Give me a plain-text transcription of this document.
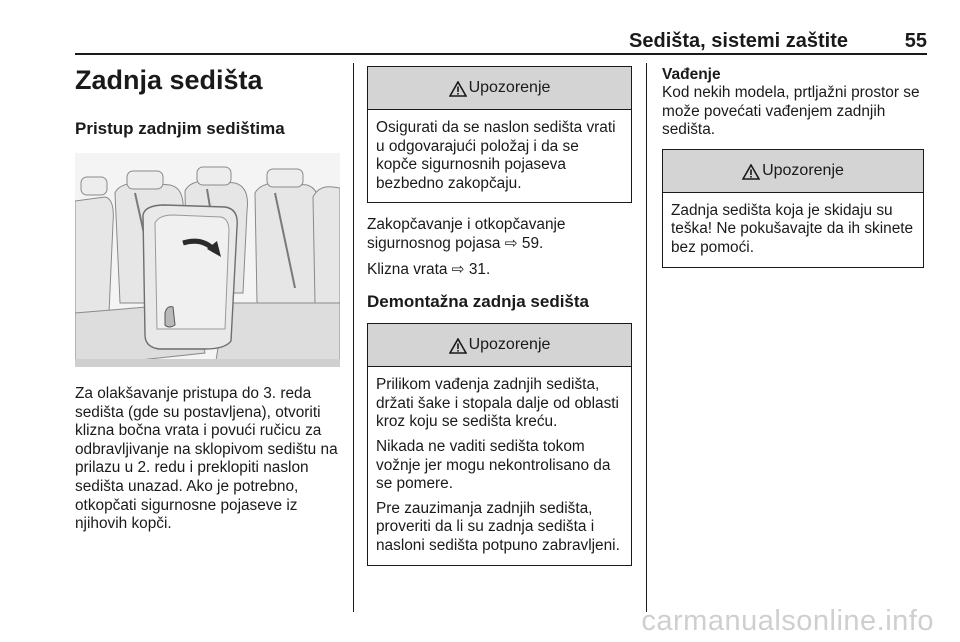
Sedišta, sistemi zaštite	55
Zadnja sedišta
Pristup zadnjim sedištima

Za olakšavanje pristupa do 3. reda sedišta (gde su postavljena), otvoriti klizna bočna vrata i povući ručicu za odbravljivanje na sklopivom sedištu na prilazu u 2. redu i preklopiti naslon sedišta unazad. Ako je potrebno, otkopčati sigurnosne pojaseve iz njihovih kopči.

Upozorenje

Osigurati da se naslon sedišta vrati u odgovarajući položaj i da se kopče sigurnosnih pojaseva bezbedno zakopčaju.

Zakopčavanje i otkopčavanje sigurnosnog pojasa ⇨ 59.

Klizna vrata ⇨ 31.

Demontažna zadnja sedišta
Upozorenje

Prilikom vađenja zadnjih sedišta, držati šake i stopala dalje od oblasti kroz koju se sedišta kreću.

Nikada ne vaditi sedišta tokom vožnje jer mogu nekontrolisano da se pomere.

Pre zauzimanja zadnjih sedišta, proveriti da li su zadnja sedišta i nasloni sedišta potpuno zabravljeni.

Vađenje

Kod nekih modela, prtljažni prostor se može povećati vađenjem zadnjih sedišta.

Upozorenje

Zadnja sedišta koja je skidaju su teška! Ne pokušavajte da ih skinete bez pomoći.

carmanualsonline.info
